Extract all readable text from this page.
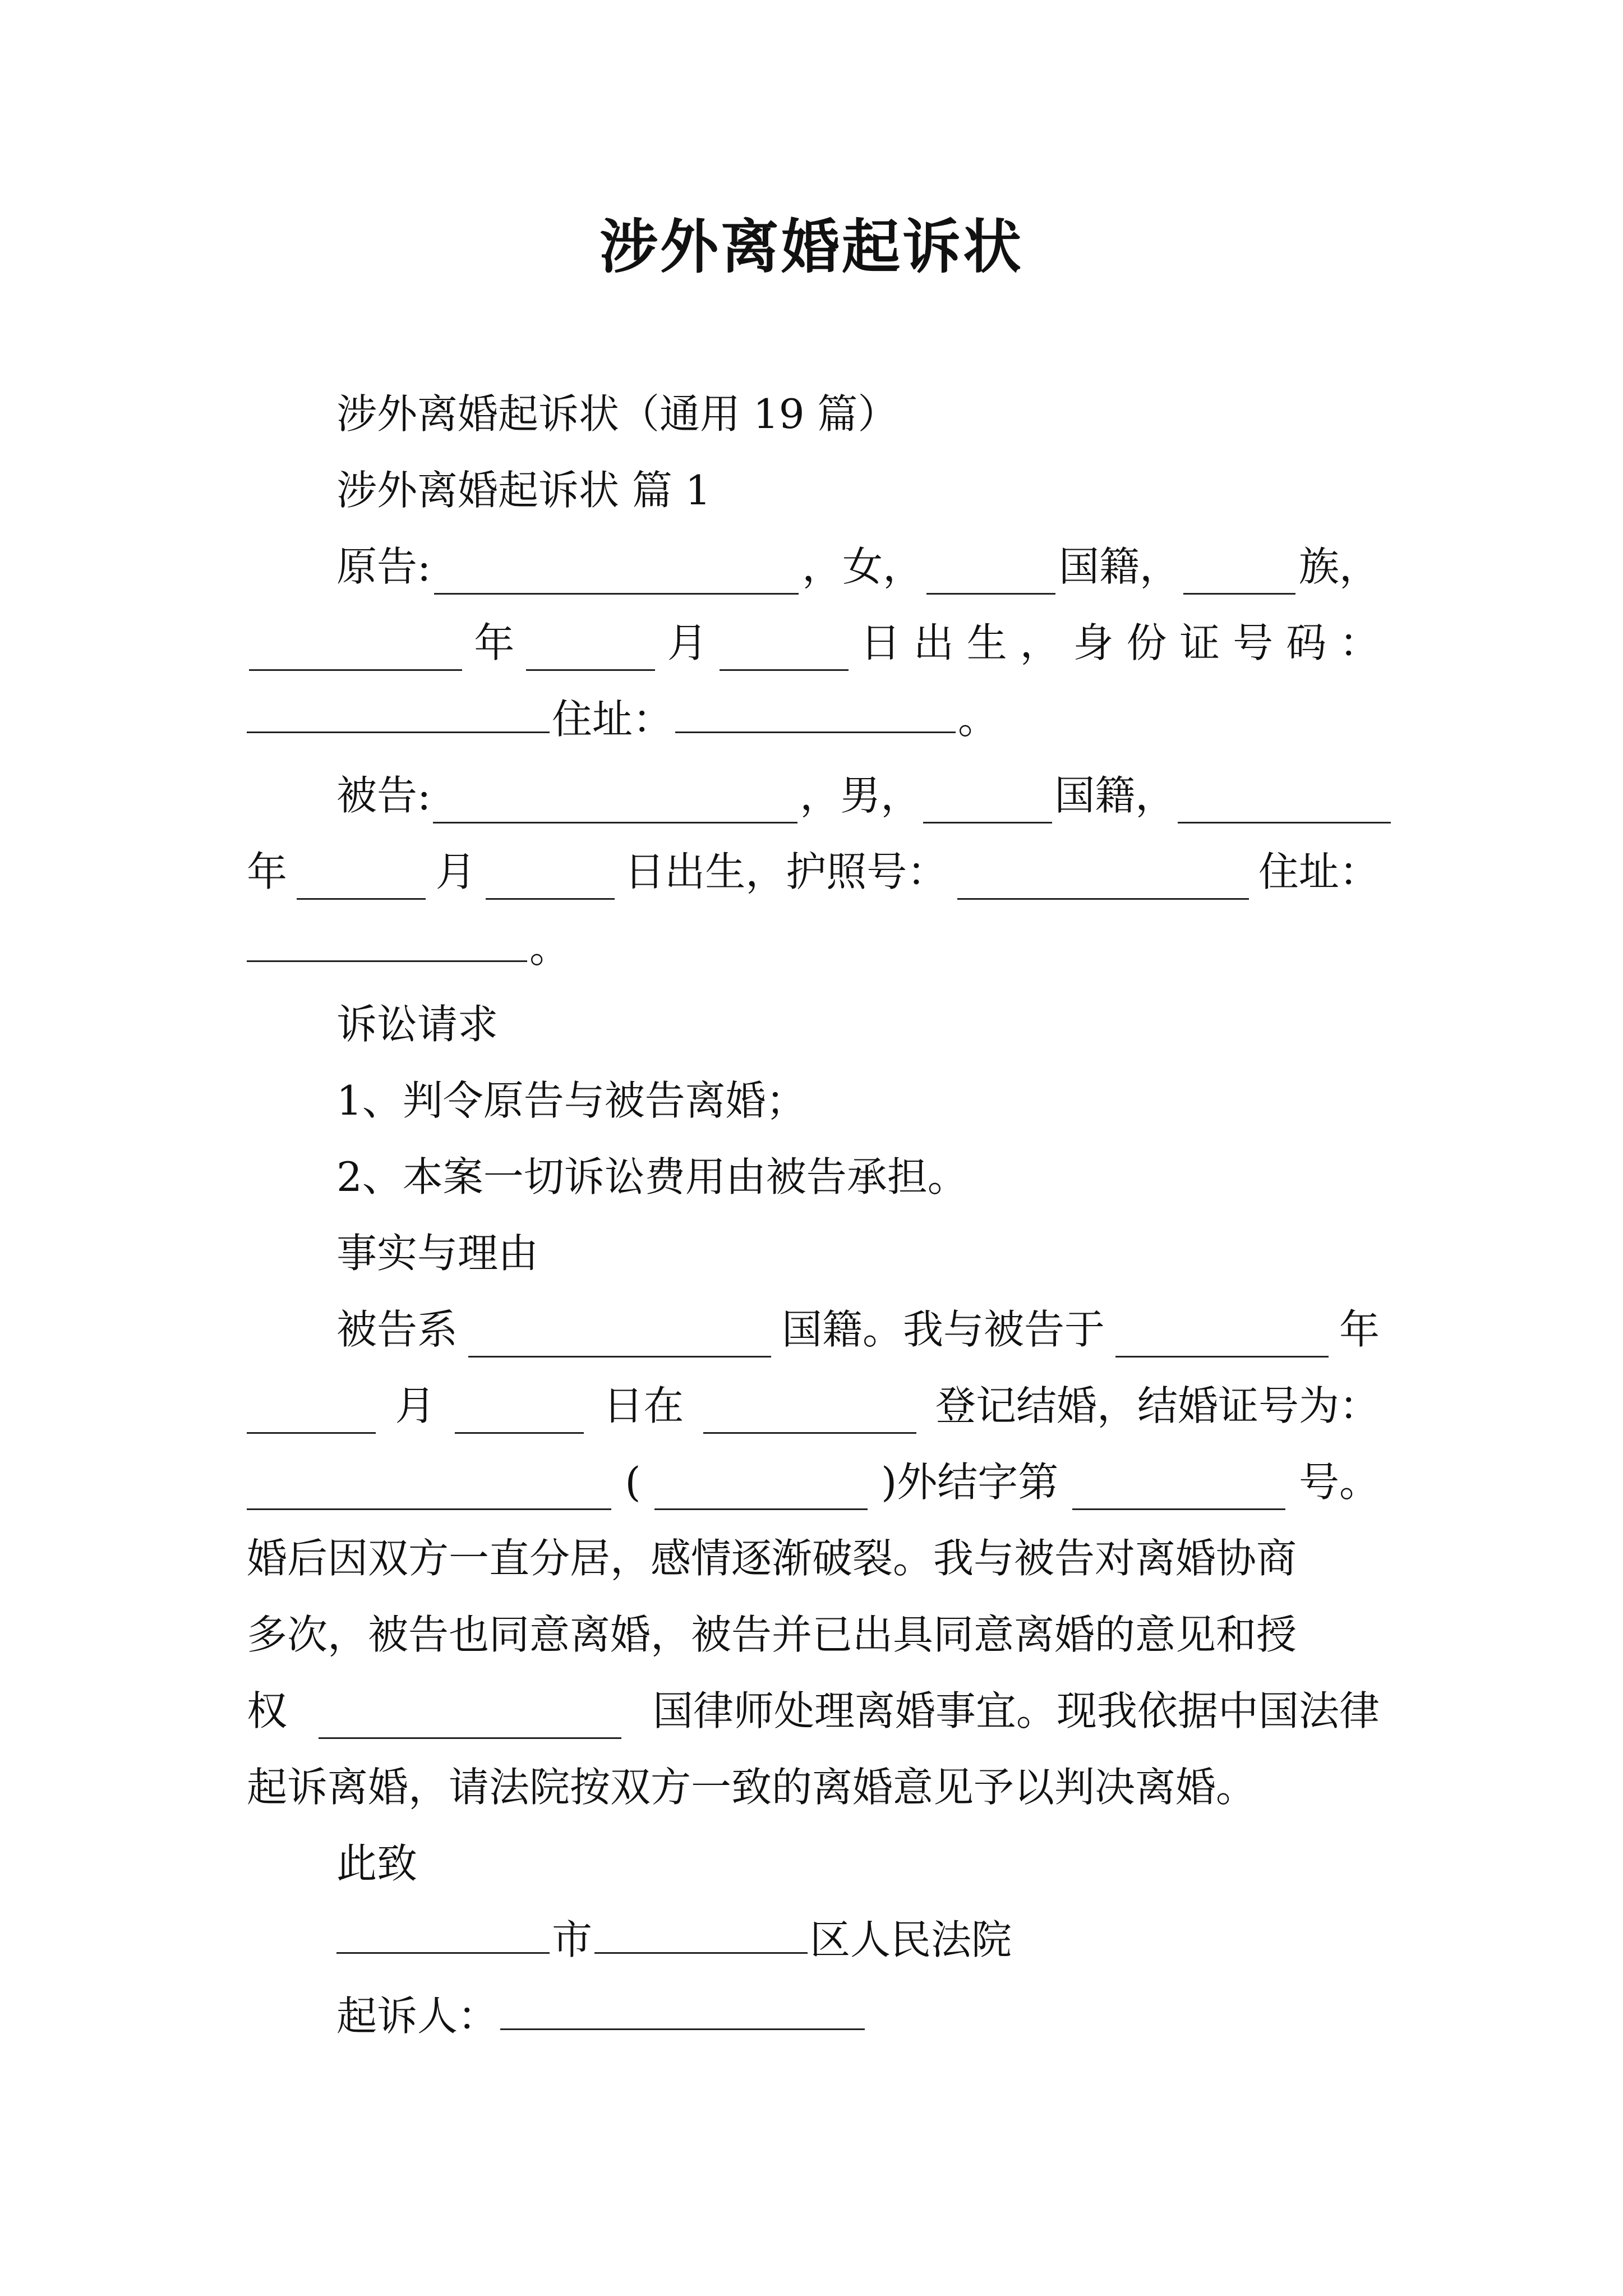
涉外离婚起诉状
涉外离婚起诉状（通用 19 篇）
涉外离婚起诉状 篇 1
原告:	，女，	国籍，	族，
年	月	日 出 生 ， 身 份 证 号 码 ：
住址：	。
被告:	，男，	国籍，
年	月	日出生，护照号：	住址：
。
诉讼请求
1、判令原告与被告离婚；
2、本案一切诉讼费用由被告承担。
事实与理由
被告系	国籍。我与被告于	年
月	日在	登记结婚，结婚证号为：
(	)外结字第	号。
婚后因双方一直分居，感情逐渐破裂。我与被告对离婚协商
多次，被告也同意离婚，被告并已出具同意离婚的意见和授
权	国律师处理离婚事宜。现我依据中国法律
起诉离婚，请法院按双方一致的离婚意见予以判决离婚。
此致
市	区人民法院
起诉人：
